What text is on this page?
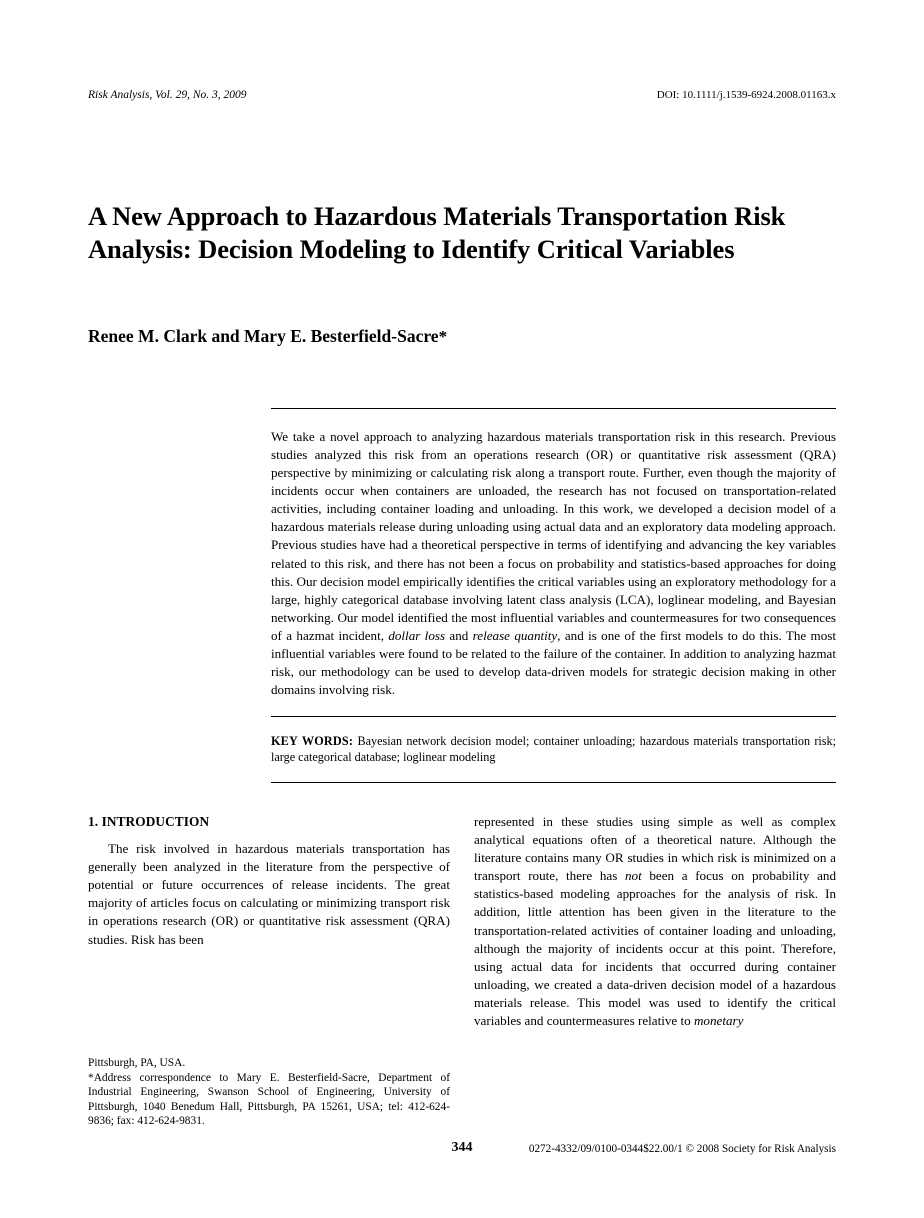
Risk Analysis, Vol. 29, No. 3, 2009	DOI: 10.1111/j.1539-6924.2008.01163.x
A New Approach to Hazardous Materials Transportation Risk Analysis: Decision Modeling to Identify Critical Variables
Renee M. Clark and Mary E. Besterfield-Sacre*
We take a novel approach to analyzing hazardous materials transportation risk in this research. Previous studies analyzed this risk from an operations research (OR) or quantitative risk assessment (QRA) perspective by minimizing or calculating risk along a transport route. Further, even though the majority of incidents occur when containers are unloaded, the research has not focused on transportation-related activities, including container loading and unloading. In this work, we developed a decision model of a hazardous materials release during unloading using actual data and an exploratory data modeling approach. Previous studies have had a theoretical perspective in terms of identifying and advancing the key variables related to this risk, and there has not been a focus on probability and statistics-based approaches for doing this. Our decision model empirically identifies the critical variables using an exploratory methodology for a large, highly categorical database involving latent class analysis (LCA), loglinear modeling, and Bayesian networking. Our model identified the most influential variables and countermeasures for two consequences of a hazmat incident, dollar loss and release quantity, and is one of the first models to do this. The most influential variables were found to be related to the failure of the container. In addition to analyzing hazmat risk, our methodology can be used to develop data-driven models for strategic decision making in other domains involving risk.
KEY WORDS: Bayesian network decision model; container unloading; hazardous materials transportation risk; large categorical database; loglinear modeling
1. INTRODUCTION

The risk involved in hazardous materials transportation has generally been analyzed in the literature from the perspective of potential or future occurrences of release incidents. The great majority of articles focus on calculating or minimizing transport risk in operations research (OR) or quantitative risk assessment (QRA) studies. Risk has been

represented in these studies using simple as well as complex analytical equations often of a theoretical nature. Although the literature contains many OR studies in which risk is minimized on a transport route, there has not been a focus on probability and statistics-based modeling approaches for the analysis of risk. In addition, little attention has been given in the literature to the transportation-related activities of container loading and unloading, although the majority of incidents occur at this point. Therefore, using actual data for incidents that occurred during container unloading, we created a data-driven decision model of a hazardous materials release. This model was used to identify the critical variables and countermeasures relative to monetary

Pittsburgh, PA, USA.

*Address correspondence to Mary E. Besterfield-Sacre, Department of Industrial Engineering, Swanson School of Engineering, University of Pittsburgh, 1040 Benedum Hall, Pittsburgh, PA 15261, USA; tel: 412-624-9836; fax: 412-624-9831.

344	0272-4332/09/0100-0344$22.00/1 © 2008 Society for Risk Analysis
